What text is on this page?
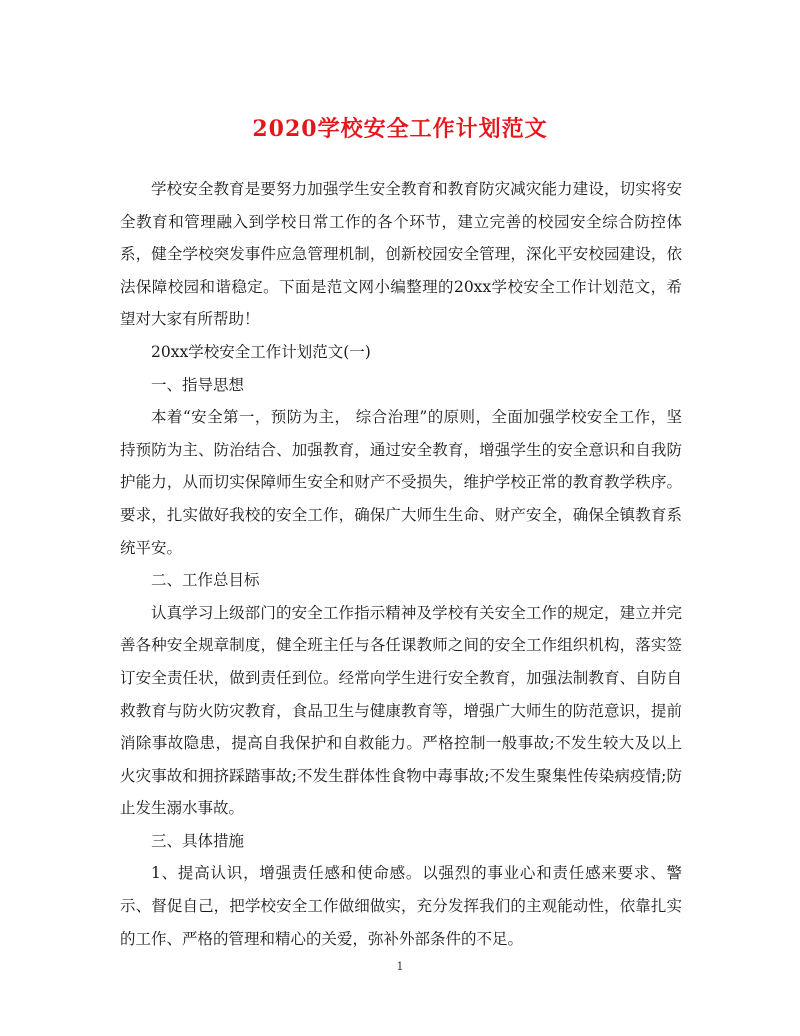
2020学校安全工作计划范文

学校安全教育是要努力加强学生安全教育和教育防灾减灾能力建设，切实将安全教育和管理融入到学校日常工作的各个环节，建立完善的校园安全综合防控体系，健全学校突发事件应急管理机制，创新校园安全管理，深化平安校园建设，依法保障校园和谐稳定。下面是范文网小编整理的20xx学校安全工作计划范文，希望对大家有所帮助！

20xx学校安全工作计划范文(一)

一、指导思想

本着“安全第一，预防为主， 综合治理”的原则，全面加强学校安全工作，坚持预防为主、防治结合、加强教育，通过安全教育，增强学生的安全意识和自我防护能力，从而切实保障师生安全和财产不受损失，维护学校正常的教育教学秩序。要求，扎实做好我校的安全工作，确保广大师生生命、财产安全，确保全镇教育系统平安。

二、工作总目标

认真学习上级部门的安全工作指示精神及学校有关安全工作的规定，建立并完善各种安全规章制度，健全班主任与各任课教师之间的安全工作组织机构，落实签订安全责任状，做到责任到位。经常向学生进行安全教育，加强法制教育、自防自救教育与防火防灾教育，食品卫生与健康教育等，增强广大师生的防范意识，提前消除事故隐患，提高自我保护和自救能力。严格控制一般事故;不发生较大及以上火灾事故和拥挤踩踏事故;不发生群体性食物中毒事故;不发生聚集性传染病疫情;防止发生溺水事故。

三、具体措施

1、提高认识，增强责任感和使命感。以强烈的事业心和责任感来要求、警示、督促自己，把学校安全工作做细做实，充分发挥我们的主观能动性，依靠扎实的工作、严格的管理和精心的关爱，弥补外部条件的不足。

1
